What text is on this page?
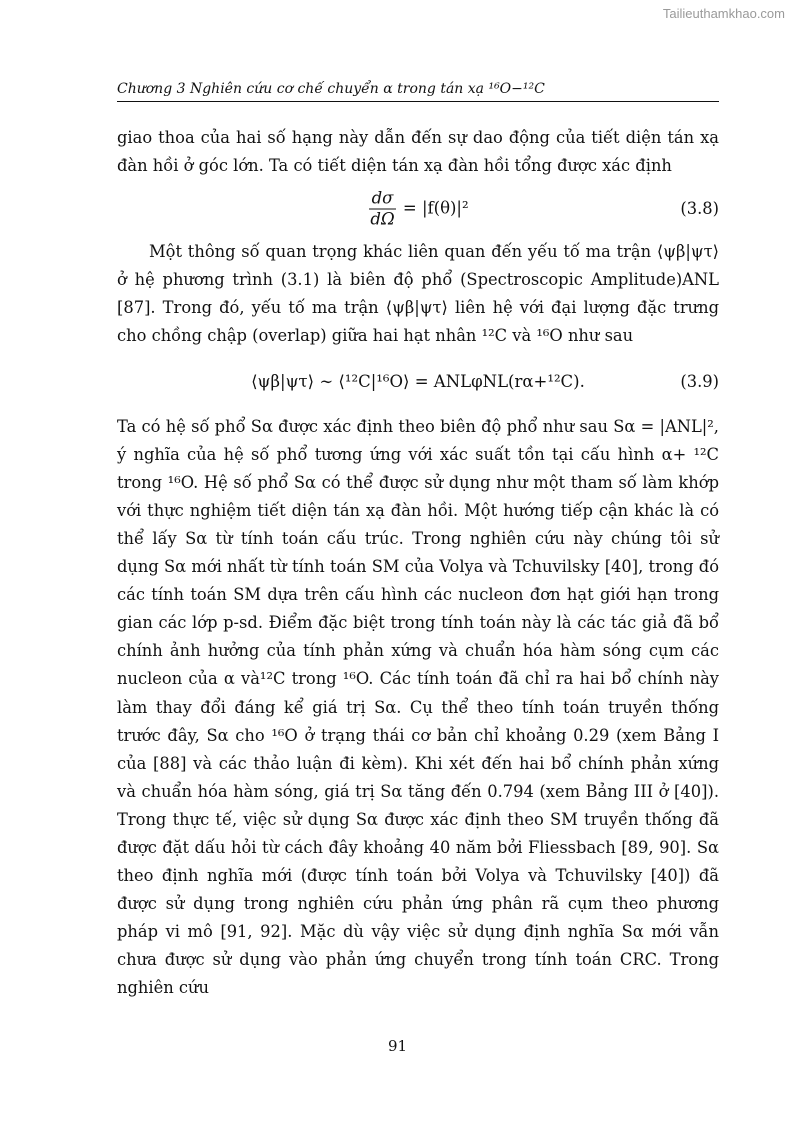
Tailieuthamkhao.com
Chương 3 Nghiên cứu cơ chế chuyển α trong tán xạ ¹⁶O−¹²C

giao thoa của hai số hạng này dẫn đến sự dao động của tiết diện tán xạ đàn hồi ở góc lớn. Ta có tiết diện tán xạ đàn hồi tổng được xác định

$\frac{d\sigma}{d\Omega} = |f(\theta)|^2$	(3.8)

Một thông số quan trọng khác liên quan đến yếu tố ma trận ⟨ψβ|ψτ⟩ ở hệ phương trình (3.1) là biên độ phổ (Spectroscopic Amplitude)ANL [87]. Trong đó, yếu tố ma trận ⟨ψβ|ψτ⟩ liên hệ với đại lượng đặc trưng cho chồng chập (overlap) giữa hai hạt nhân ¹²C và ¹⁶O như sau

⟨ψβ|ψτ⟩ ∼ ⟨¹²C|¹⁶O⟩ = ANLφNL(rα+¹²C).	(3.9)

Ta có hệ số phổ Sα được xác định theo biên độ phổ như sau Sα = |ANL|², ý nghĩa của hệ số phổ tương ứng với xác suất tồn tại cấu hình α+ ¹²C trong ¹⁶O. Hệ số phổ Sα có thể được sử dụng như một tham số làm khớp với thực nghiệm tiết diện tán xạ đàn hồi. Một hướng tiếp cận khác là có thể lấy Sα từ tính toán cấu trúc. Trong nghiên cứu này chúng tôi sử dụng Sα mới nhất từ tính toán SM của Volya và Tchuvilsky [40], trong đó các tính toán SM dựa trên cấu hình các nucleon đơn hạt giới hạn trong gian các lớp p-sd. Điểm đặc biệt trong tính toán này là các tác giả đã bổ chính ảnh hưởng của tính phản xứng và chuẩn hóa hàm sóng cụm các nucleon của α và¹²C trong ¹⁶O. Các tính toán đã chỉ ra hai bổ chính này làm thay đổi đáng kể giá trị Sα. Cụ thể theo tính toán truyền thống trước đây, Sα cho ¹⁶O ở trạng thái cơ bản chỉ khoảng 0.29 (xem Bảng I của [88] và các thảo luận đi kèm). Khi xét đến hai bổ chính phản xứng và chuẩn hóa hàm sóng, giá trị Sα tăng đến 0.794 (xem Bảng III ở [40]). Trong thực tế, việc sử dụng Sα được xác định theo SM truyền thống đã được đặt dấu hỏi từ cách đây khoảng 40 năm bởi Fliessbach [89, 90]. Sα theo định nghĩa mới (được tính toán bởi Volya và Tchuvilsky [40]) đã được sử dụng trong nghiên cứu phản ứng phân rã cụm theo phương pháp vi mô [91, 92]. Mặc dù vậy việc sử dụng định nghĩa Sα mới vẫn chưa được sử dụng vào phản ứng chuyển trong tính toán CRC. Trong nghiên cứu

91
